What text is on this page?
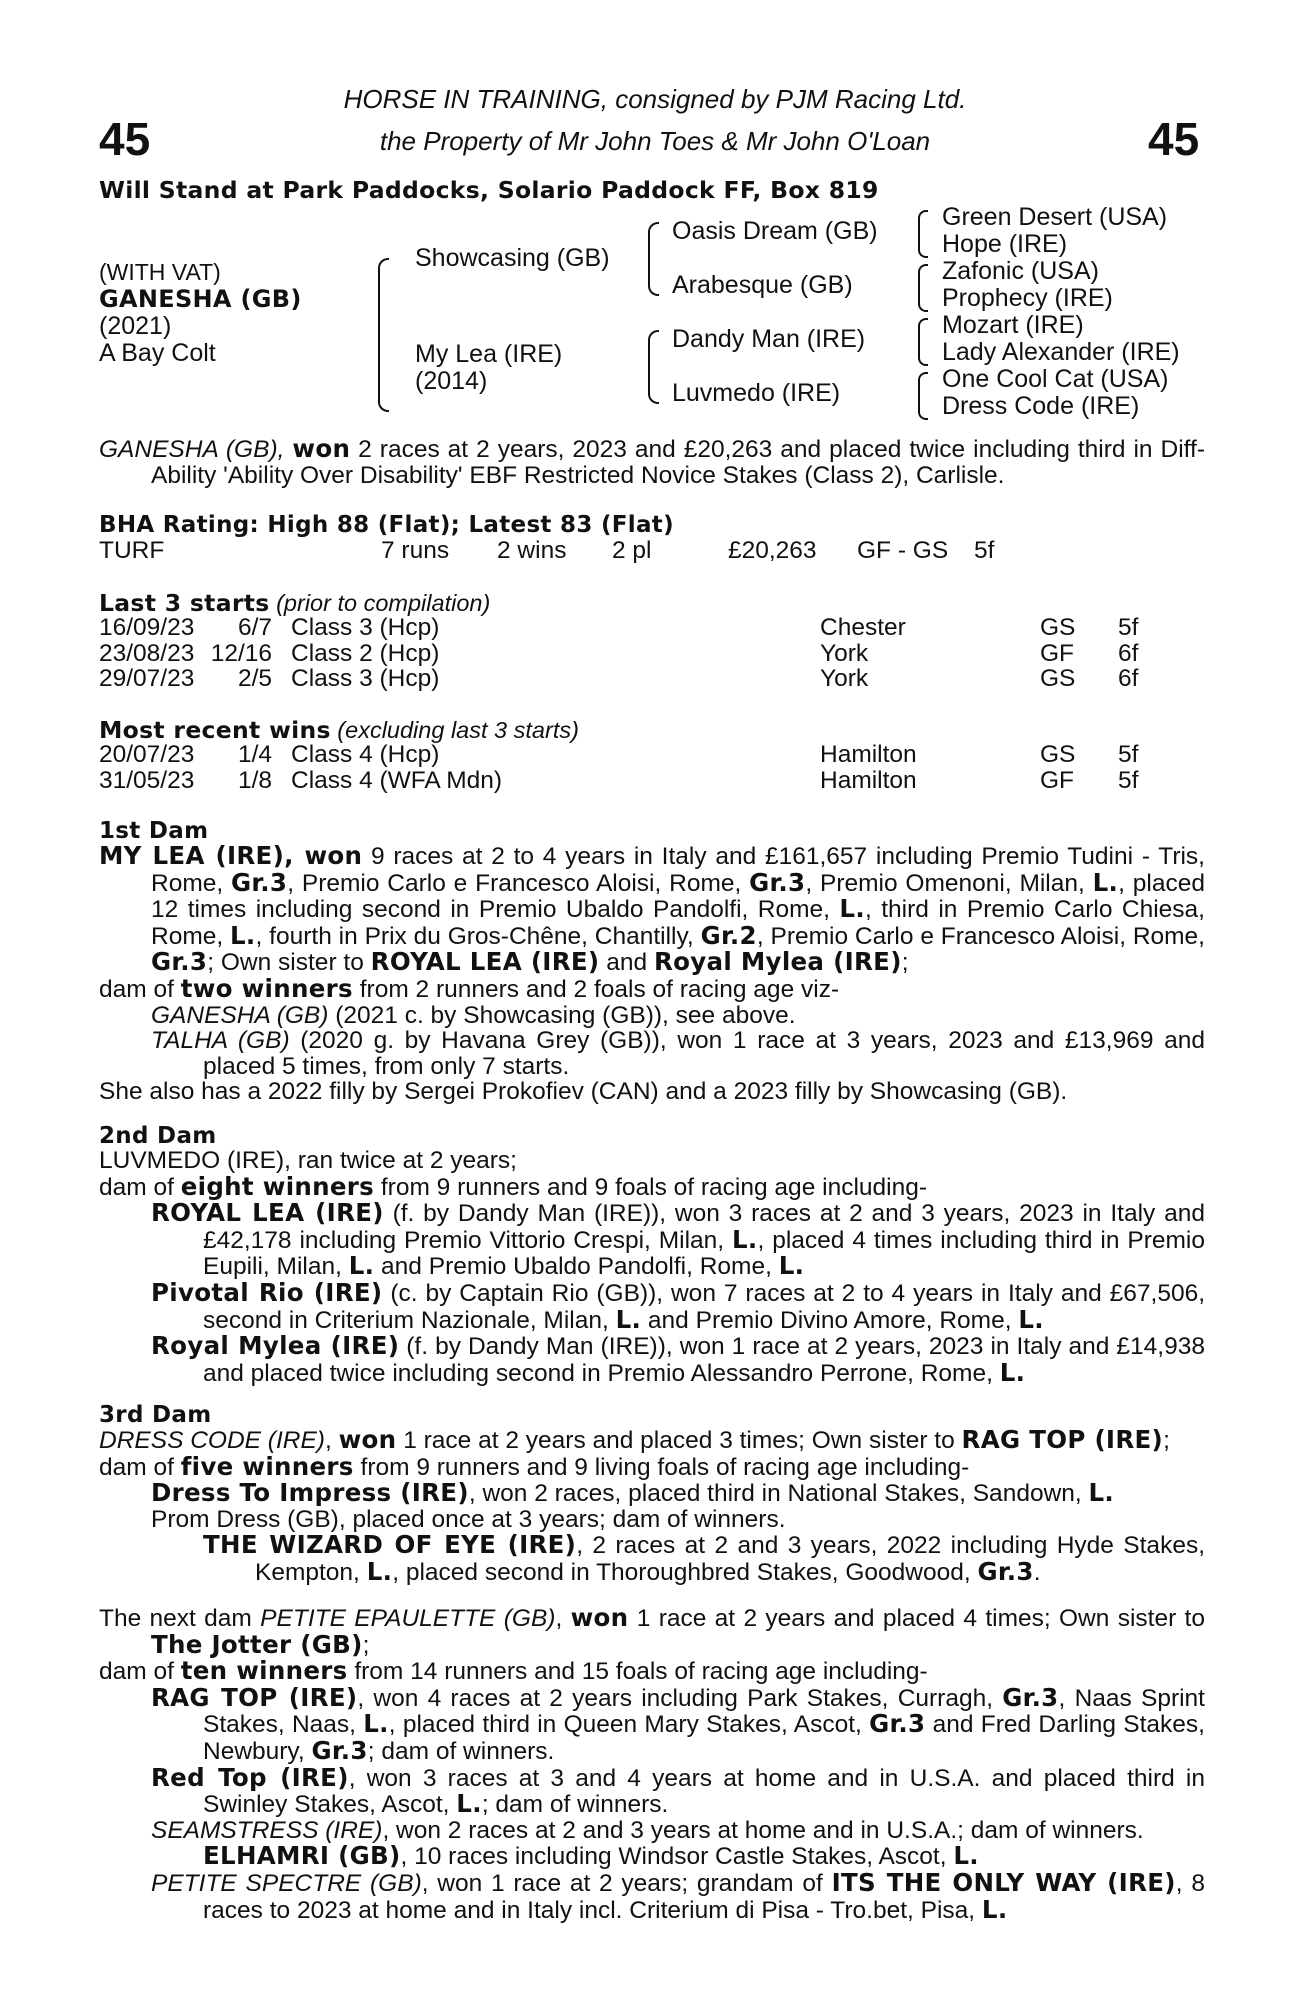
HORSE IN TRAINING, consigned by PJM Racing Ltd.
the Property of Mr John Toes & Mr John O'Loan
45	45
Will Stand at Park Paddocks, Solario Paddock FF, Box 819
(WITH VAT)
GANESHA (GB)
(2021)
A Bay Colt
Showcasing (GB)
My Lea (IRE)
(2014)
Oasis Dream (GB)
Arabesque (GB)
Dandy Man (IRE)
Luvmedo (IRE)
Green Desert (USA)
Hope (IRE)
Zafonic (USA)
Prophecy (IRE)
Mozart (IRE)
Lady Alexander (IRE)
One Cool Cat (USA)
Dress Code (IRE)
GANESHA (GB), won 2 races at 2 years, 2023 and £20,263 and placed twice including third in Diff-Ability 'Ability Over Disability' EBF Restricted Novice Stakes (Class 2), Carlisle.
BHA Rating: High 88 (Flat); Latest 83 (Flat)
TURF	7 runs 2 wins 2 pl	£20,263 GF - GS 5f
Last 3 starts (prior to compilation)
16/09/23	6/7 Class 3 (Hcp)	Chester	GS 5f
23/08/23 12/16 Class 2 (Hcp)	York	GF 6f
29/07/23	2/5 Class 3 (Hcp)	York	GS 6f
Most recent wins (excluding last 3 starts)
20/07/23	1/4 Class 4 (Hcp)	Hamilton	GS 5f
31/05/23	1/8 Class 4 (WFA Mdn)	Hamilton	GF 5f
1st Dam

MY LEA (IRE), won 9 races at 2 to 4 years in Italy and £161,657 including Premio Tudini - Tris, Rome, Gr.3, Premio Carlo e Francesco Aloisi, Rome, Gr.3, Premio Omenoni, Milan, L., placed 12 times including second in Premio Ubaldo Pandolfi, Rome, L., third in Premio Carlo Chiesa, Rome, L., fourth in Prix du Gros-Chêne, Chantilly, Gr.2, Premio Carlo e Francesco Aloisi, Rome, Gr.3; Own sister to ROYAL LEA (IRE) and Royal Mylea (IRE);

dam of two winners from 2 runners and 2 foals of racing age viz-

GANESHA (GB) (2021 c. by Showcasing (GB)), see above.

TALHA (GB) (2020 g. by Havana Grey (GB)), won 1 race at 3 years, 2023 and £13,969 and placed 5 times, from only 7 starts.

She also has a 2022 filly by Sergei Prokofiev (CAN) and a 2023 filly by Showcasing (GB).

2nd Dam

LUVMEDO (IRE), ran twice at 2 years;

dam of eight winners from 9 runners and 9 foals of racing age including-

ROYAL LEA (IRE) (f. by Dandy Man (IRE)), won 3 races at 2 and 3 years, 2023 in Italy and £42,178 including Premio Vittorio Crespi, Milan, L., placed 4 times including third in Premio Eupili, Milan, L. and Premio Ubaldo Pandolfi, Rome, L.

Pivotal Rio (IRE) (c. by Captain Rio (GB)), won 7 races at 2 to 4 years in Italy and £67,506, second in Criterium Nazionale, Milan, L. and Premio Divino Amore, Rome, L.

Royal Mylea (IRE) (f. by Dandy Man (IRE)), won 1 race at 2 years, 2023 in Italy and £14,938 and placed twice including second in Premio Alessandro Perrone, Rome, L.

3rd Dam

DRESS CODE (IRE), won 1 race at 2 years and placed 3 times; Own sister to RAG TOP (IRE);

dam of five winners from 9 runners and 9 living foals of racing age including-

Dress To Impress (IRE), won 2 races, placed third in National Stakes, Sandown, L.

Prom Dress (GB), placed once at 3 years; dam of winners.

THE WIZARD OF EYE (IRE), 2 races at 2 and 3 years, 2022 including Hyde Stakes, Kempton, L., placed second in Thoroughbred Stakes, Goodwood, Gr.3.

The next dam PETITE EPAULETTE (GB), won 1 race at 2 years and placed 4 times; Own sister to The Jotter (GB);

dam of ten winners from 14 runners and 15 foals of racing age including-

RAG TOP (IRE), won 4 races at 2 years including Park Stakes, Curragh, Gr.3, Naas Sprint Stakes, Naas, L., placed third in Queen Mary Stakes, Ascot, Gr.3 and Fred Darling Stakes, Newbury, Gr.3; dam of winners.

Red Top (IRE), won 3 races at 3 and 4 years at home and in U.S.A. and placed third in Swinley Stakes, Ascot, L.; dam of winners.

SEAMSTRESS (IRE), won 2 races at 2 and 3 years at home and in U.S.A.; dam of winners.

ELHAMRI (GB), 10 races including Windsor Castle Stakes, Ascot, L.

PETITE SPECTRE (GB), won 1 race at 2 years; grandam of ITS THE ONLY WAY (IRE), 8 races to 2023 at home and in Italy incl. Criterium di Pisa - Tro.bet, Pisa, L.
